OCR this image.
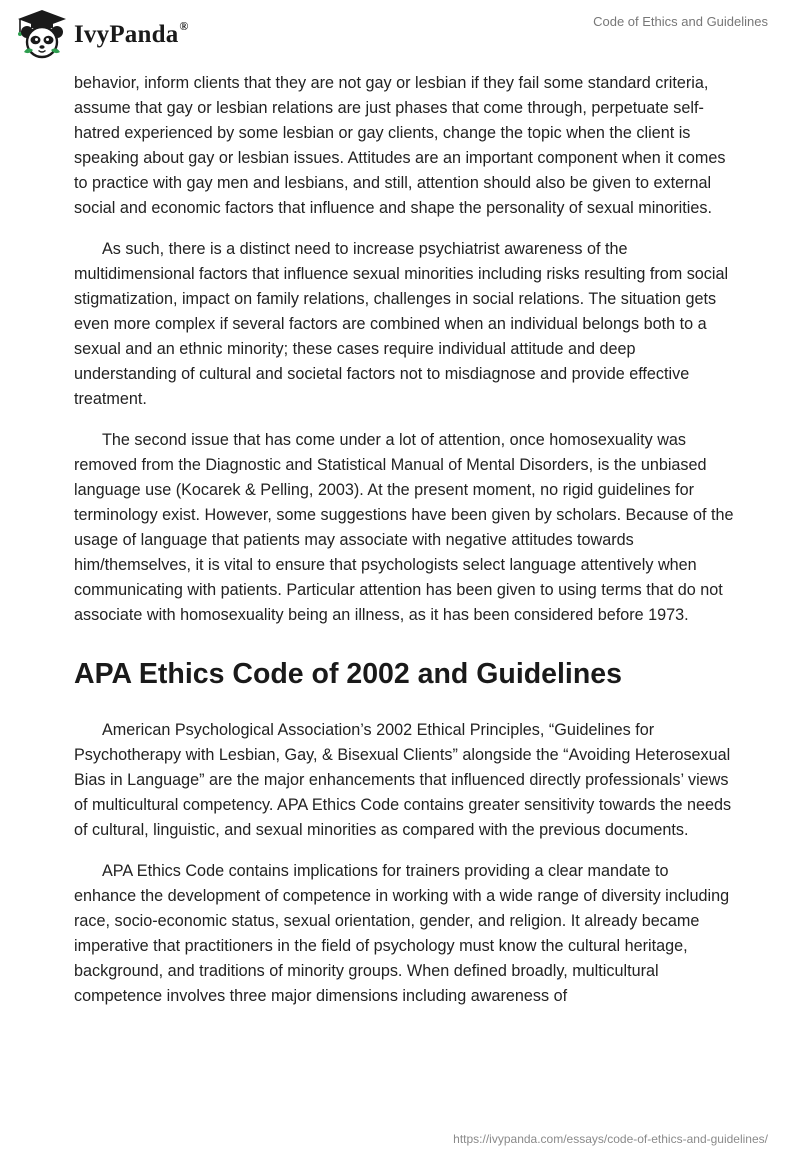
IvyPanda®	Code of Ethics and Guidelines

behavior, inform clients that they are not gay or lesbian if they fail some standard criteria, assume that gay or lesbian relations are just phases that come through, perpetuate self-hatred experienced by some lesbian or gay clients, change the topic when the client is speaking about gay or lesbian issues. Attitudes are an important component when it comes to practice with gay men and lesbians, and still, attention should also be given to external social and economic factors that influence and shape the personality of sexual minorities.

As such, there is a distinct need to increase psychiatrist awareness of the multidimensional factors that influence sexual minorities including risks resulting from social stigmatization, impact on family relations, challenges in social relations. The situation gets even more complex if several factors are combined when an individual belongs both to a sexual and an ethnic minority; these cases require individual attitude and deep understanding of cultural and societal factors not to misdiagnose and provide effective treatment.

The second issue that has come under a lot of attention, once homosexuality was removed from the Diagnostic and Statistical Manual of Mental Disorders, is the unbiased language use (Kocarek & Pelling, 2003). At the present moment, no rigid guidelines for terminology exist. However, some suggestions have been given by scholars. Because of the usage of language that patients may associate with negative attitudes towards him/themselves, it is vital to ensure that psychologists select language attentively when communicating with patients. Particular attention has been given to using terms that do not associate with homosexuality being an illness, as it has been considered before 1973.

APA Ethics Code of 2002 and Guidelines

American Psychological Association’s 2002 Ethical Principles, “Guidelines for Psychotherapy with Lesbian, Gay, & Bisexual Clients” alongside the “Avoiding Heterosexual Bias in Language” are the major enhancements that influenced directly professionals’ views of multicultural competency. APA Ethics Code contains greater sensitivity towards the needs of cultural, linguistic, and sexual minorities as compared with the previous documents.

APA Ethics Code contains implications for trainers providing a clear mandate to enhance the development of competence in working with a wide range of diversity including race, socio-economic status, sexual orientation, gender, and religion. It already became imperative that practitioners in the field of psychology must know the cultural heritage, background, and traditions of minority groups. When defined broadly, multicultural competence involves three major dimensions including awareness of

https://ivypanda.com/essays/code-of-ethics-and-guidelines/
